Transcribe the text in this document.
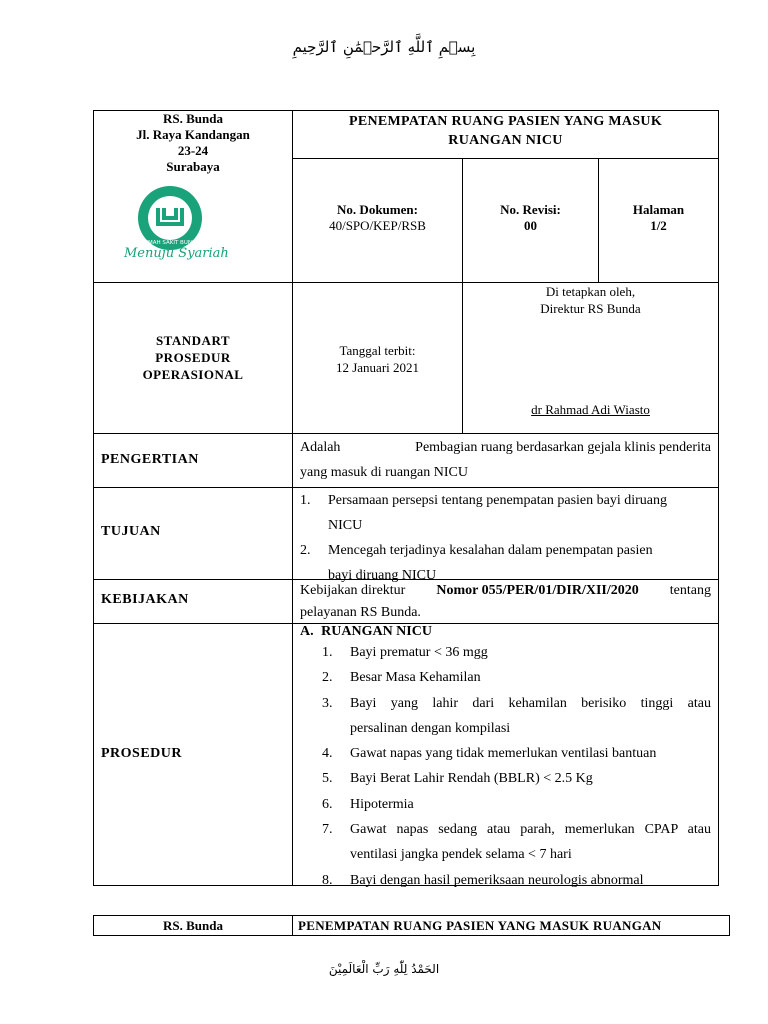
بِسۡمِ ٱللَّهِ ٱلرَّحۡمَٰنِ ٱلرَّحِيمِ
RS. Bunda
Jl. Raya Kandangan
23-24
Surabaya
RUMAH SAKIT BUNDA
Menuju Syariah
PENEMPATAN RUANG PASIEN YANG MASUK
RUANGAN NICU
No. Dokumen:
40/SPO/KEP/RSB
No. Revisi:
00
Halaman
1/2
STANDART
PROSEDUR
OPERASIONAL
Tanggal terbit:
12 Januari 2021
Di tetapkan oleh,
Direktur RS Bunda
dr Rahmad Adi Wiasto
PENGERTIAN
Adalah	Pembagian ruang berdasarkan gejala klinis penderita
yang masuk di ruangan NICU
TUJUAN
1. Persamaan persepsi tentang penempatan pasien bayi diruang
NICU
2. Mencegah terjadinya kesalahan dalam penempatan pasien
bayi diruang NICU
KEBIJAKAN
Kebijakan direktur Nomor 055/PER/01/DIR/XII/2020 tentang
pelayanan RS Bunda.
PROSEDUR
A. RUANGAN NICU
1. Bayi prematur < 36 mgg
2. Besar Masa Kehamilan
3. Bayi yang lahir dari kehamilan berisiko tinggi atau
persalinan dengan kompilasi
4. Gawat napas yang tidak memerlukan ventilasi bantuan
5. Bayi Berat Lahir Rendah (BBLR) < 2.5 Kg
6. Hipotermia
7. Gawat napas sedang atau parah, memerlukan CPAP atau
ventilasi jangka pendek selama < 7 hari
8. Bayi dengan hasil pemeriksaan neurologis abnormal
RS. Bunda	PENEMPATAN RUANG PASIEN YANG MASUK RUANGAN
الحَمْدُ لِلّٰهِ رَبِّ الْعَالَمِيْنَ
